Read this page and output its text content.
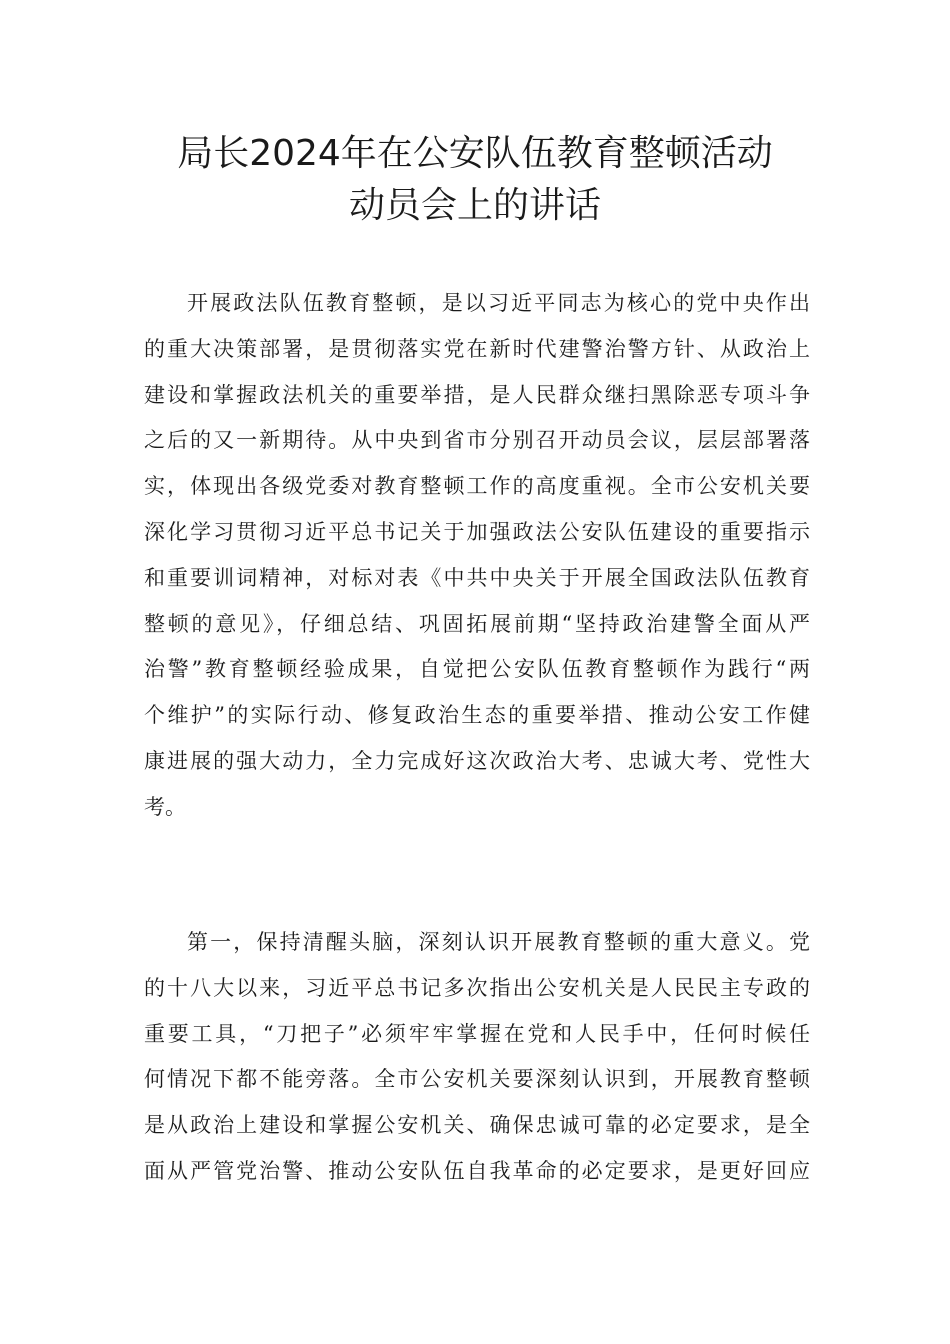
局长2024年在公安队伍教育整顿活动
动员会上的讲话

开展政法队伍教育整顿，是以习近平同志为核心的党中央作出
的重大决策部署，是贯彻落实党在新时代建警治警方针、从政治上
建设和掌握政法机关的重要举措，是人民群众继扫黑除恶专项斗争
之后的又一新期待。从中央到省市分别召开动员会议，层层部署落
实，体现出各级党委对教育整顿工作的高度重视。全市公安机关要
深化学习贯彻习近平总书记关于加强政法公安队伍建设的重要指示
和重要训词精神，对标对表《中共中央关于开展全国政法队伍教育
整顿的意见》，仔细总结、巩固拓展前期“坚持政治建警全面从严
治警”教育整顿经验成果，自觉把公安队伍教育整顿作为践行“两
个维护”的实际行动、修复政治生态的重要举措、推动公安工作健
康进展的强大动力，全力完成好这次政治大考、忠诚大考、党性大
考。

第一，保持清醒头脑，深刻认识开展教育整顿的重大意义。党
的十八大以来，习近平总书记多次指出公安机关是人民民主专政的
重要工具，“刀把子”必须牢牢掌握在党和人民手中，任何时候任
何情况下都不能旁落。全市公安机关要深刻认识到，开展教育整顿
是从政治上建设和掌握公安机关、确保忠诚可靠的必定要求，是全
面从严管党治警、推动公安队伍自我革命的必定要求，是更好回应
